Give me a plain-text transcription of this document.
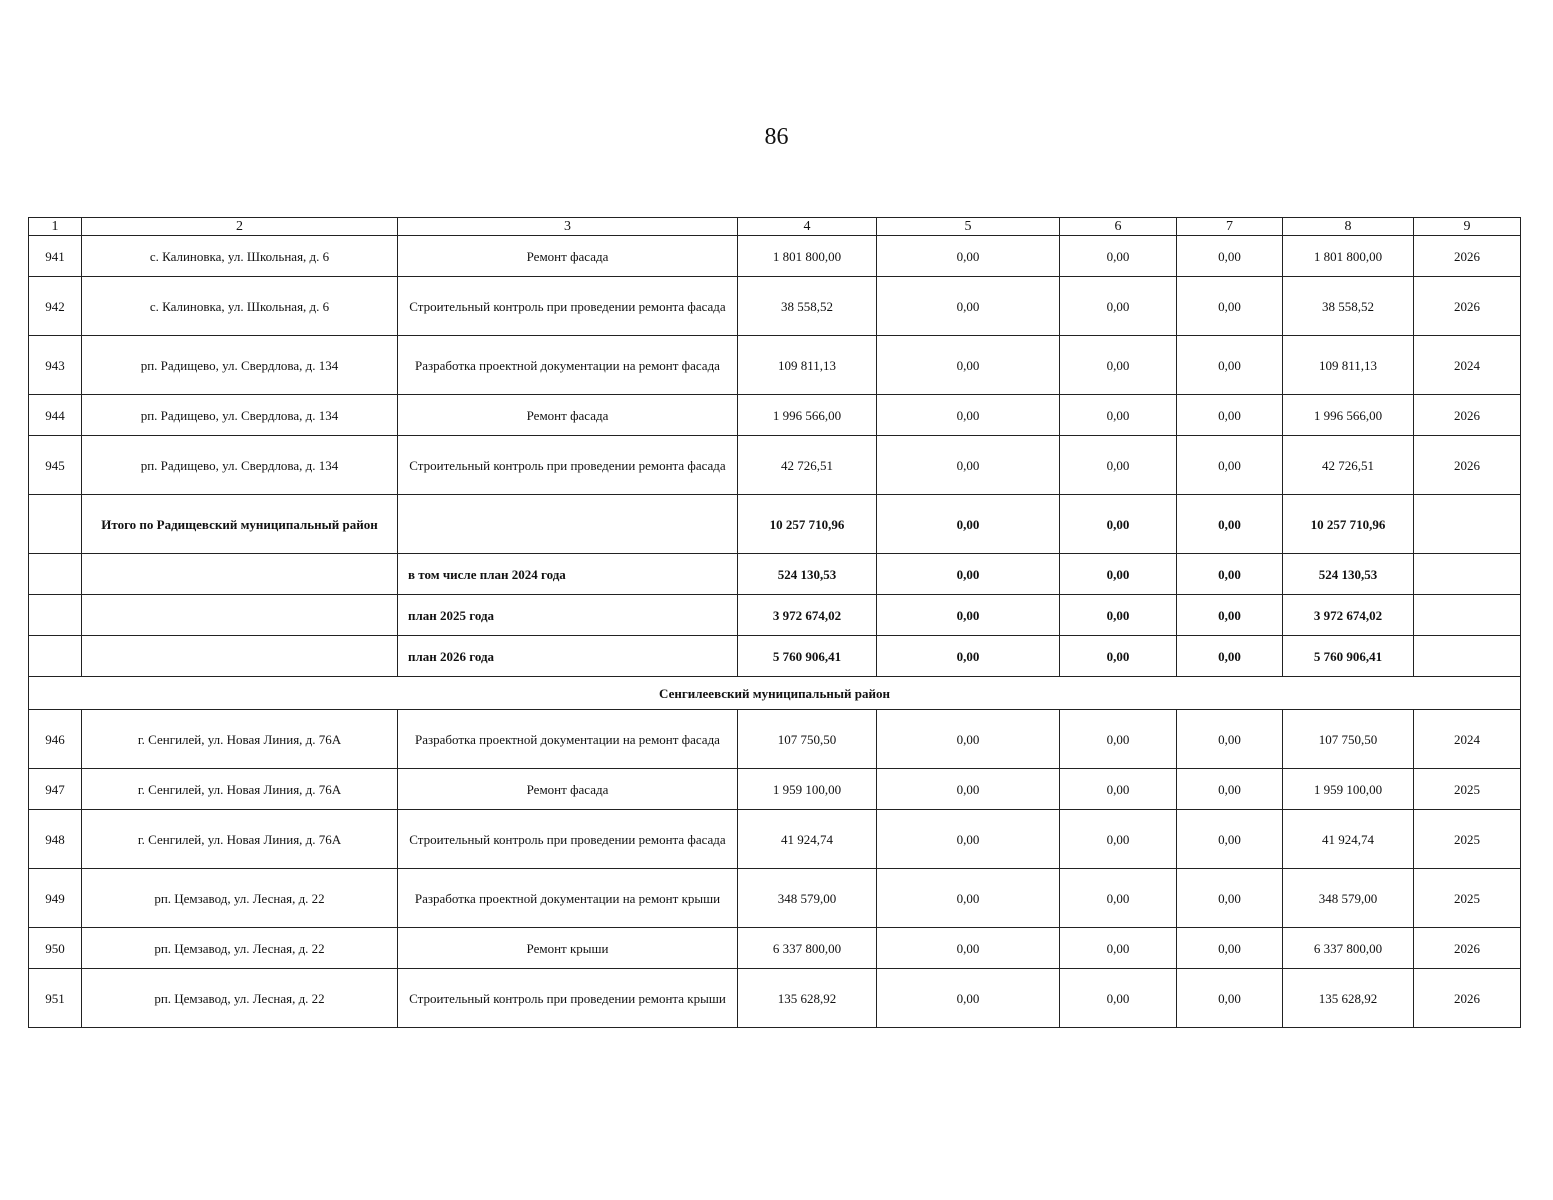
86
1	2	3	4	5	6	7	8	9
941	с. Калиновка, ул. Школьная, д. 6	Ремонт фасада	1 801 800,00	0,00	0,00	0,00	1 801 800,00	2026
942	с. Калиновка, ул. Школьная, д. 6	Строительный контроль при проведении ремонта фасада	38 558,52	0,00	0,00	0,00	38 558,52	2026
943	рп. Радищево, ул. Свердлова, д. 134	Разработка проектной документации на ремонт фасада	109 811,13	0,00	0,00	0,00	109 811,13	2024
944	рп. Радищево, ул. Свердлова, д. 134	Ремонт фасада	1 996 566,00	0,00	0,00	0,00	1 996 566,00	2026
945	рп. Радищево, ул. Свердлова, д. 134	Строительный контроль при проведении ремонта фасада	42 726,51	0,00	0,00	0,00	42 726,51	2026
	Итого по Радищевский муниципальный район		10 257 710,96	0,00	0,00	0,00	10 257 710,96	
		в том числе план 2024 года	524 130,53	0,00	0,00	0,00	524 130,53	
		план 2025 года	3 972 674,02	0,00	0,00	0,00	3 972 674,02	
		план 2026 года	5 760 906,41	0,00	0,00	0,00	5 760 906,41	
Сенгилеевский муниципальный район								
946	г. Сенгилей, ул. Новая Линия, д. 76А	Разработка проектной документации на ремонт фасада	107 750,50	0,00	0,00	0,00	107 750,50	2024
947	г. Сенгилей, ул. Новая Линия, д. 76А	Ремонт фасада	1 959 100,00	0,00	0,00	0,00	1 959 100,00	2025
948	г. Сенгилей, ул. Новая Линия, д. 76А	Строительный контроль при проведении ремонта фасада	41 924,74	0,00	0,00	0,00	41 924,74	2025
949	рп. Цемзавод, ул. Лесная, д. 22	Разработка проектной документации на ремонт крыши	348 579,00	0,00	0,00	0,00	348 579,00	2025
950	рп. Цемзавод, ул. Лесная, д. 22	Ремонт крыши	6 337 800,00	0,00	0,00	0,00	6 337 800,00	2026
951	рп. Цемзавод, ул. Лесная, д. 22	Строительный контроль при проведении ремонта крыши	135 628,92	0,00	0,00	0,00	135 628,92	2026
